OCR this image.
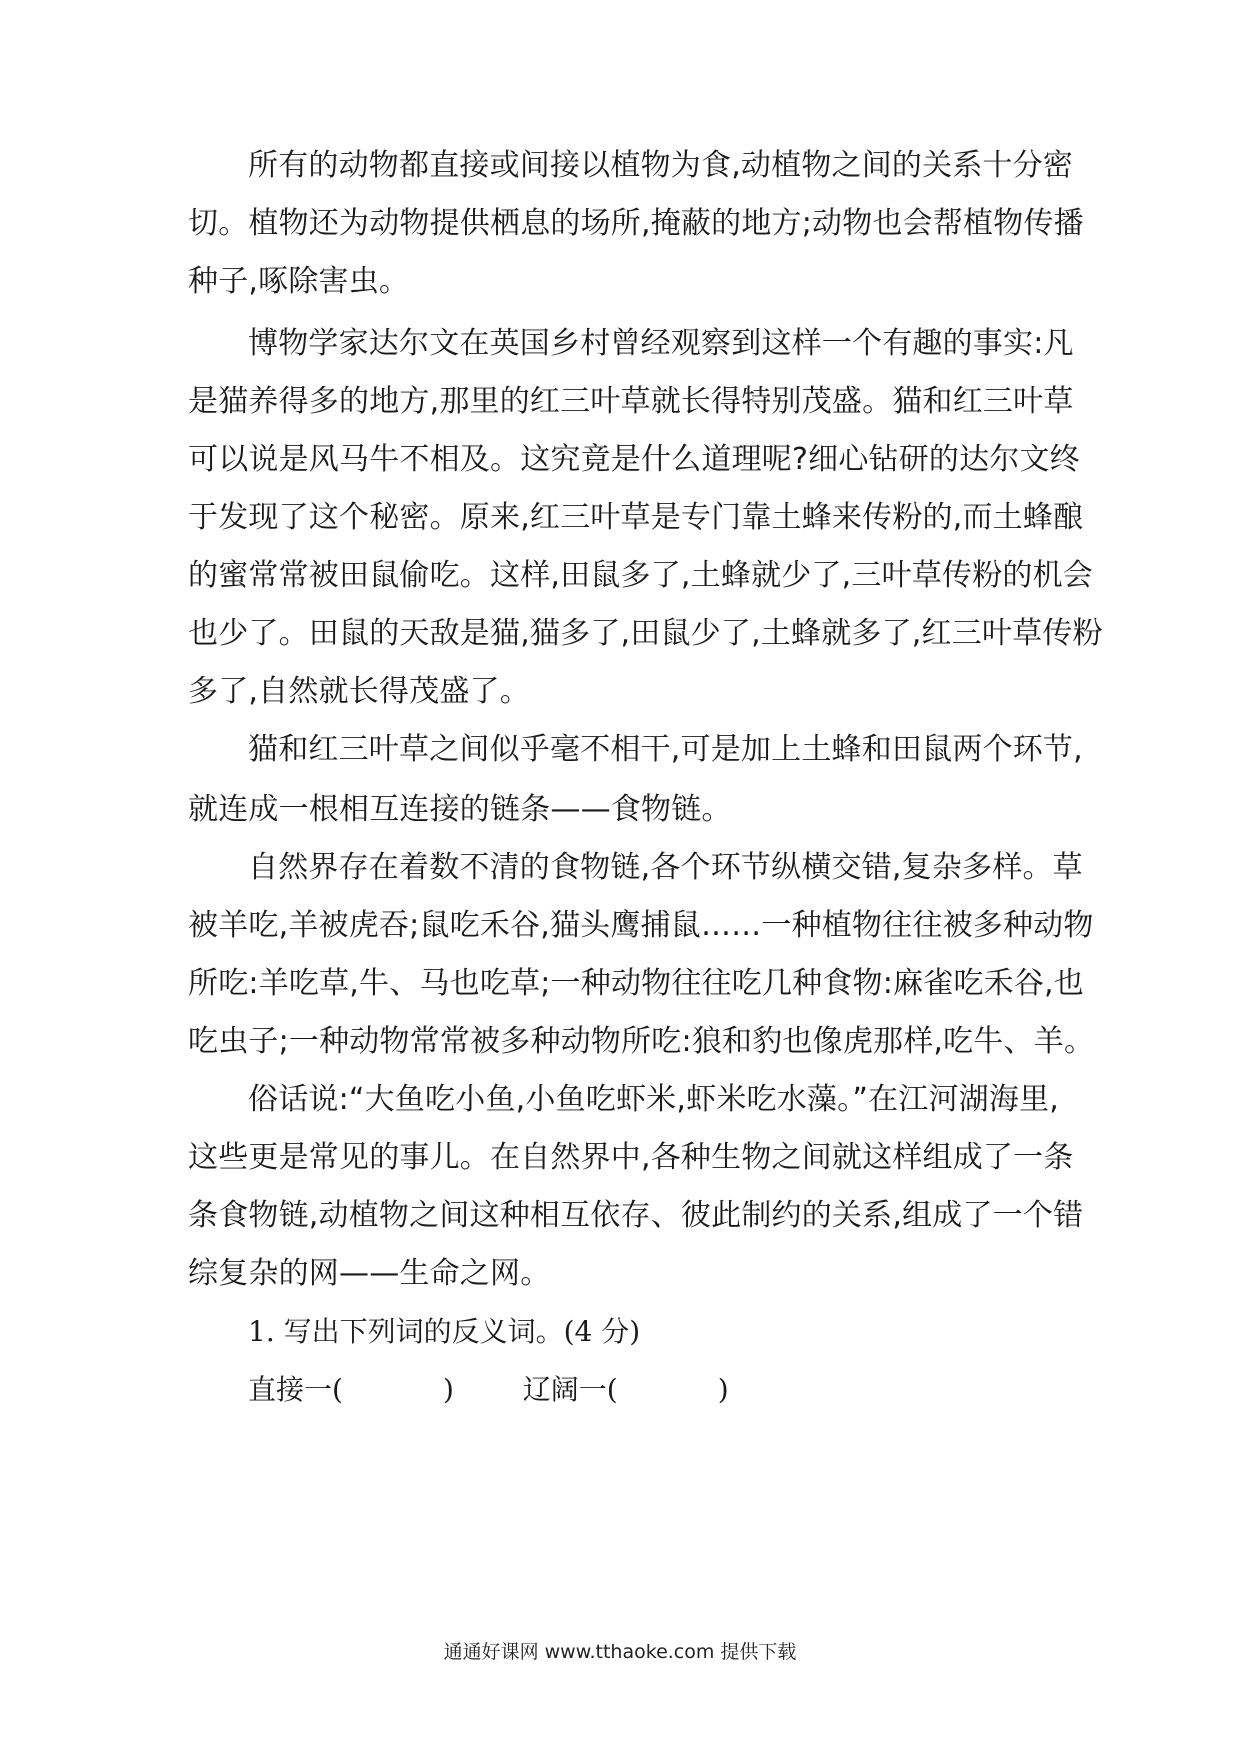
所有的动物都直接或间接以植物为食,动植物之间的关系十分密
切。植物还为动物提供栖息的场所,掩蔽的地方;动物也会帮植物传播
种子,啄除害虫。
博物学家达尔文在英国乡村曾经观察到这样一个有趣的事实:凡
是猫养得多的地方,那里的红三叶草就长得特别茂盛。猫和红三叶草
可以说是风马牛不相及。这究竟是什么道理呢?细心钻研的达尔文终
于发现了这个秘密。原来,红三叶草是专门靠土蜂来传粉的,而土蜂酿
的蜜常常被田鼠偷吃。这样,田鼠多了,土蜂就少了,三叶草传粉的机会
也少了。田鼠的天敌是猫,猫多了,田鼠少了,土蜂就多了,红三叶草传粉
多了,自然就长得茂盛了。
猫和红三叶草之间似乎毫不相干,可是加上土蜂和田鼠两个环节,
就连成一根相互连接的链条——食物链。
自然界存在着数不清的食物链,各个环节纵横交错,复杂多样。草
被羊吃,羊被虎吞;鼠吃禾谷,猫头鹰捕鼠……一种植物往往被多种动物
所吃:羊吃草,牛、马也吃草;一种动物往往吃几种食物:麻雀吃禾谷,也
吃虫子;一种动物常常被多种动物所吃:狼和豹也像虎那样,吃牛、羊。
俗话说:“大鱼吃小鱼,小鱼吃虾米,虾米吃水藻。”在江河湖海里,
这些更是常见的事儿。在自然界中,各种生物之间就这样组成了一条
条食物链,动植物之间这种相互依存、彼此制约的关系,组成了一个错
综复杂的网——生命之网。
1. 写出下列词的反义词。(4 分)
直接一(	) 辽阔一(	)
通通好课网 www.tthaoke.com 提供下载
